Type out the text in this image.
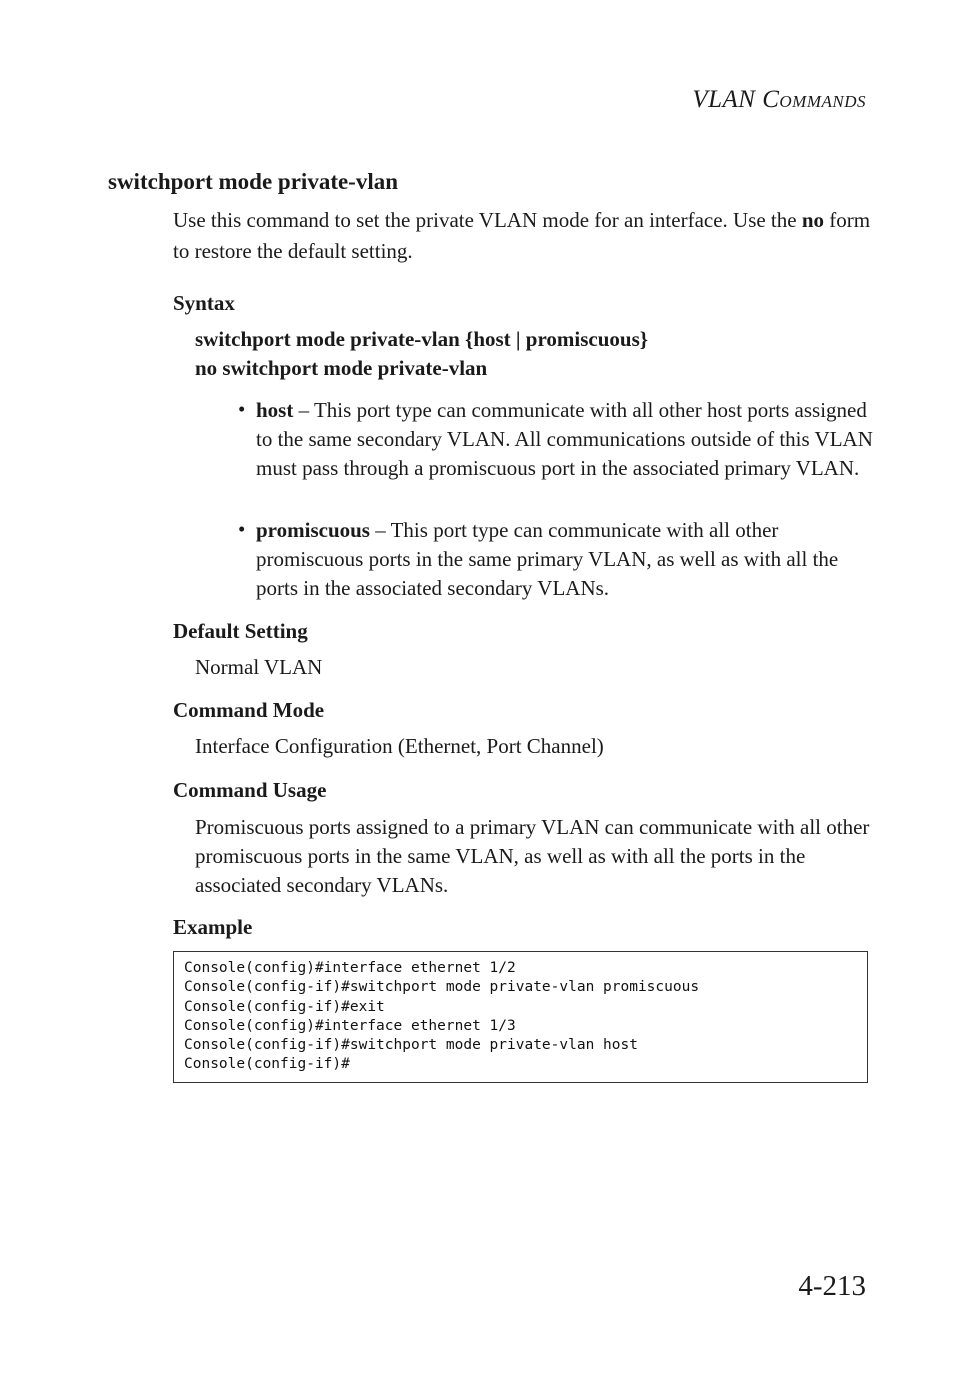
VLAN COMMANDS
switchport mode private-vlan
Use this command to set the private VLAN mode for an interface. Use the no form to restore the default setting.
Syntax
switchport mode private-vlan {host | promiscuous}
no switchport mode private-vlan
• host – This port type can communicate with all other host ports assigned to the same secondary VLAN. All communications outside of this VLAN must pass through a promiscuous port in the associated primary VLAN.
• promiscuous – This port type can communicate with all other promiscuous ports in the same primary VLAN, as well as with all the ports in the associated secondary VLANs.
Default Setting
Normal VLAN
Command Mode
Interface Configuration (Ethernet, Port Channel)
Command Usage
Promiscuous ports assigned to a primary VLAN can communicate with all other promiscuous ports in the same VLAN, as well as with all the ports in the associated secondary VLANs.
Example
Console(config)#interface ethernet 1/2
Console(config-if)#switchport mode private-vlan promiscuous
Console(config-if)#exit
Console(config)#interface ethernet 1/3
Console(config-if)#switchport mode private-vlan host
Console(config-if)#
4-213
